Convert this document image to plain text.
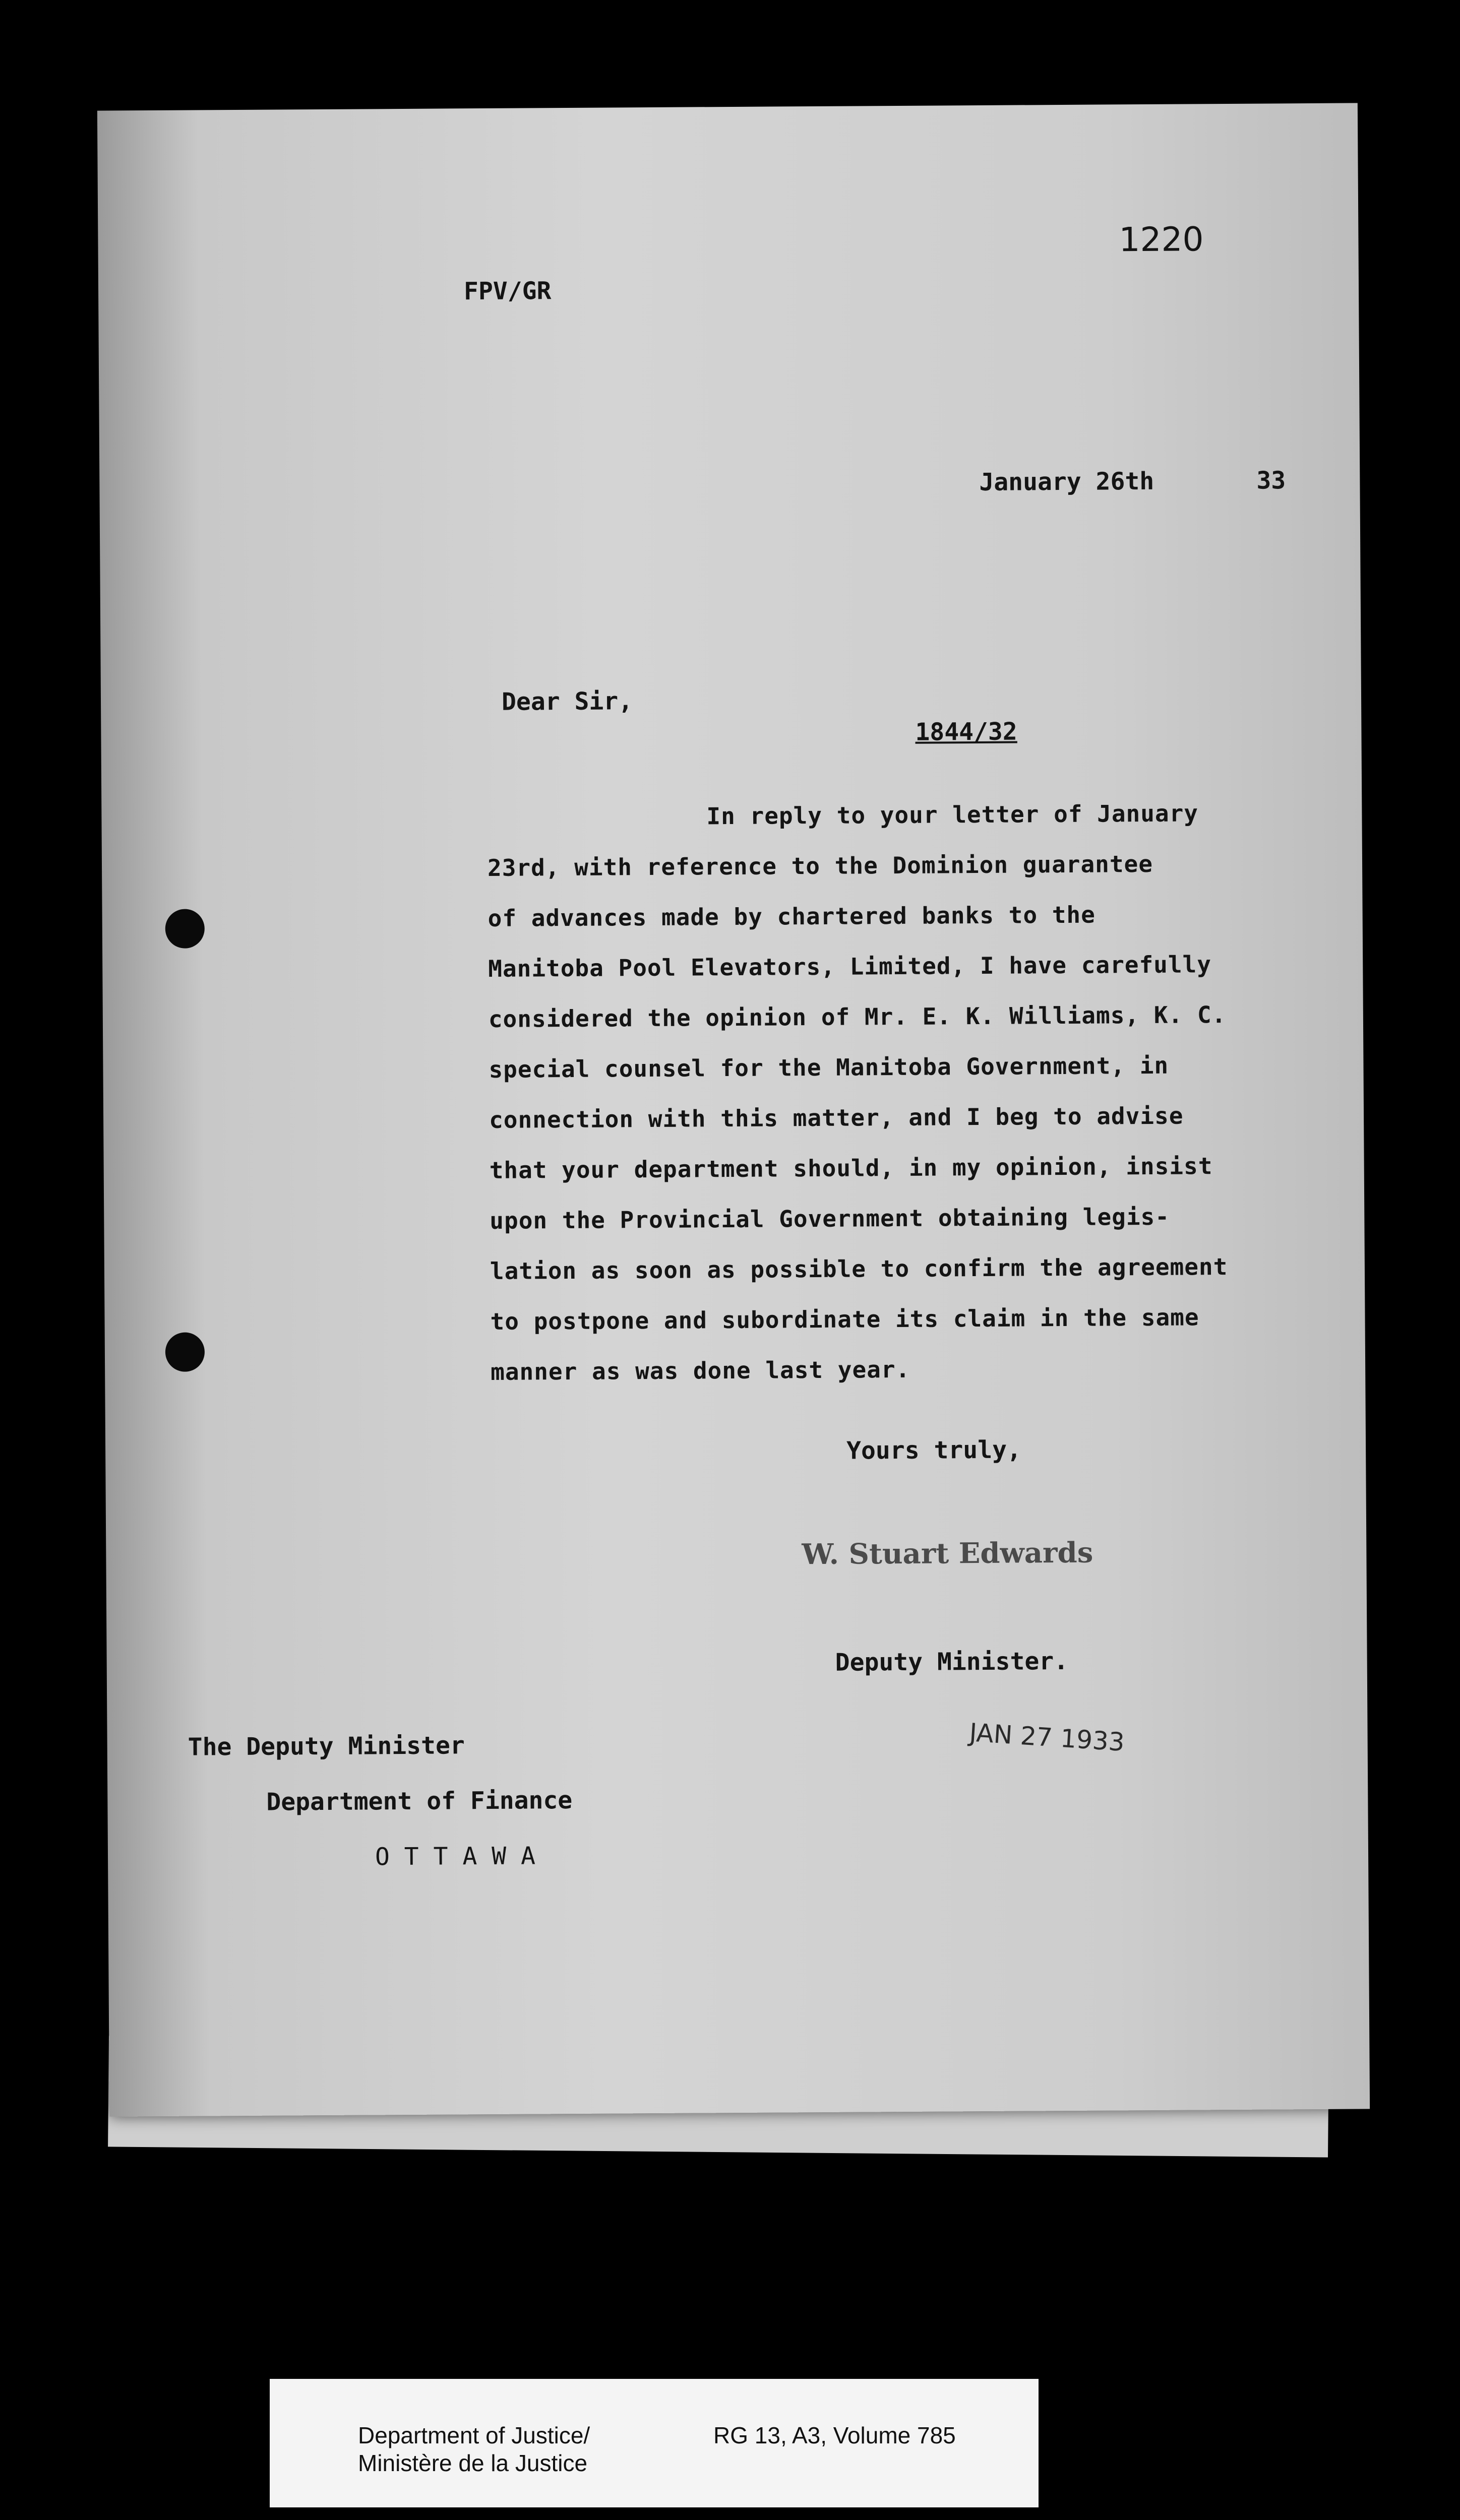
1220
FPV/GR
January 26th	33
Dear Sir,
1844/32
In reply to your letter of January
23rd, with reference to the Dominion guarantee
of advances made by chartered banks to the
Manitoba Pool Elevators, Limited, I have carefully
considered the opinion of Mr. E. K. Williams, K. C.
special counsel for the Manitoba Government, in
connection with this matter, and I beg to advise
that your department should, in my opinion, insist
upon the Provincial Government obtaining legis-
lation as soon as possible to confirm the agreement
to postpone and subordinate its claim in the same
manner as was done last year.
Yours truly,
W. Stuart Edwards
Deputy Minister.
JAN 27 1933
The Deputy Minister
Department of Finance
O T T A W A
Department of Justice/
Ministère de la Justice
RG 13, A3, Volume 785
